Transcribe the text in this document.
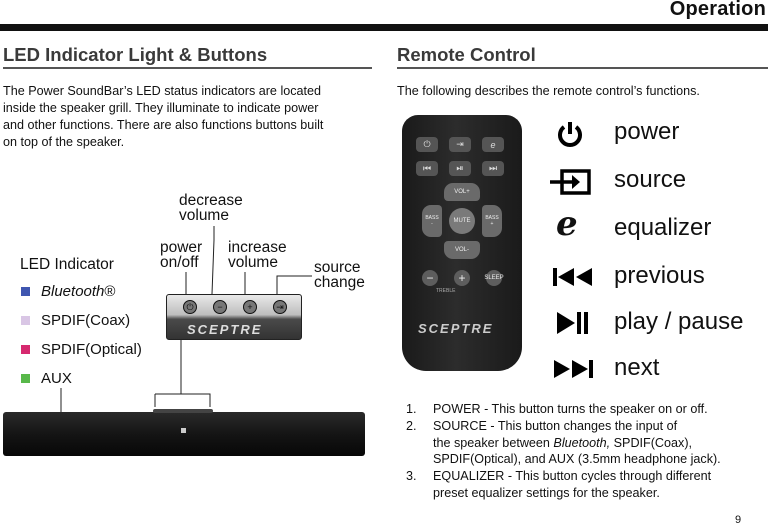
Operation
LED Indicator Light & Buttons
The Power SoundBar’s LED status indicators are located
inside the speaker grill. They illuminate to indicate power
and other functions. There are also functions buttons built
on top of the speaker.
decrease
volume
power
on/off
increase
volume	source
change
⏻	−	+	⇥
SCEPTRE
LED Indicator
Bluetooth®
SPDIF(Coax)
SPDIF(Optical)
AUX
Remote Control
The following describes the remote control’s functions.
⏻	⇥	e
⏮	⏯	⏭
VOL+
VOL-
BASS
-
BASS
+
MUTE
−	+	SLEEP
TREBLE
SCEPTRE
power
source
e equalizer
previous
play / pause
next
1. POWER - This button turns the speaker on or off.
2. SOURCE - This button changes the input of
the speaker between Bluetooth, SPDIF(Coax),
SPDIF(Optical), and AUX (3.5mm headphone jack).
3. EQUALIZER - This button cycles through different
preset equalizer settings for the speaker.
9
